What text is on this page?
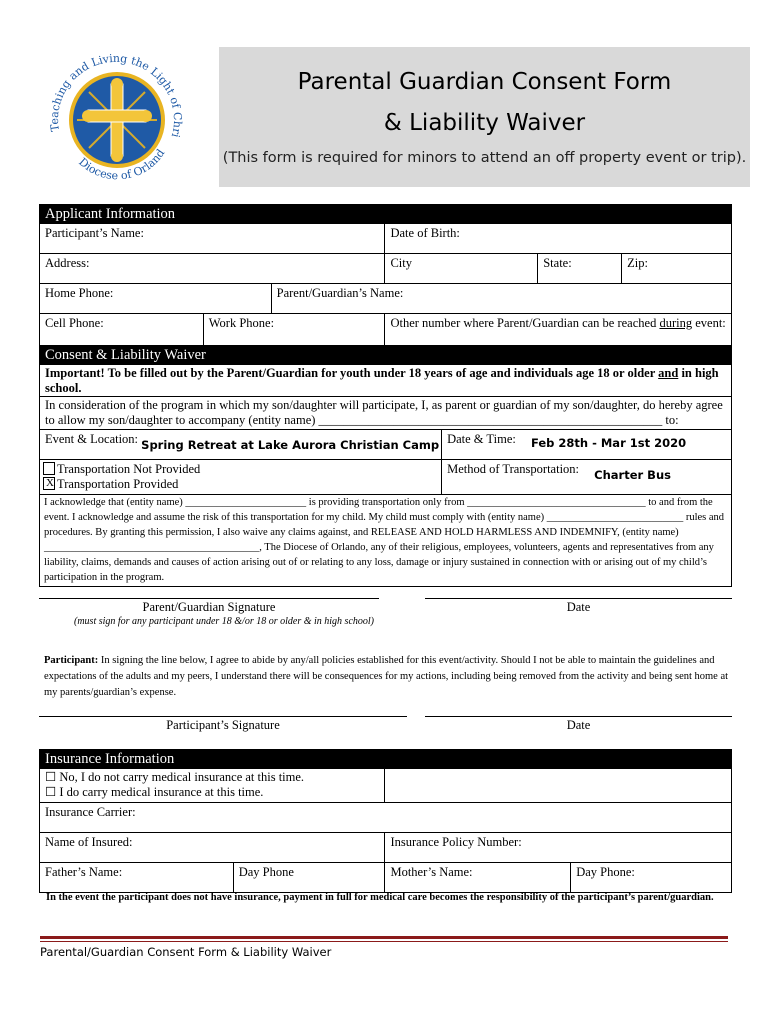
Teaching and Living the Light of Chri
Diocese of Orland
Parental Guardian Consent Form
& Liability Waiver
(This form is required for minors to attend an off property event or trip).
Applicant Information					
Participant’s Name:			Date of Birth:		
Address:			City	State:	Zip:
Home Phone:		Parent/Guardian’s Name:			
Cell Phone:	Work Phone:		Other number where Parent/Guardian can be reached during event:		
Consent & Liability Waiver	
Important! To be filled out by the Parent/Guardian for youth under 18 years of age and individuals age 18 or older and in high school.	
In consideration of the program in which my son/daughter will participate, I, as parent or guardian of my son/daughter, do hereby agree to allow my son/daughter to accompany (entity name) _______________________________________________________ to:	
Event & Location: Spring Retreat at Lake Aurora Christian Camp	Date & Time: Feb 28th - Mar 1st 2020

Transportation Not Provided
X Transportation Provided	Method of Transportation: Charter Bus
I acknowledge that (entity name) _______________________ is providing transportation only from __________________________________ to and from the event. I acknowledge and assume the risk of this transportation for my child. My child must comply with (entity name) __________________________ rules and procedures. By granting this permission, I also waive any claims against, and RELEASE AND HOLD HARMLESS AND INDEMNIFY, (entity name) _________________________________________, The Diocese of Orlando, any of their religious, employees, volunteers, agents and representatives from any liability, claims, demands and causes of action arising out of or relating to any loss, damage or injury sustained in connection with or arising out of my child’s participation in the program.	
Parent/Guardian Signature	Date
(must sign for any participant under 18 &/or 18 or older & in high school)
Participant: In signing the line below, I agree to abide by any/all policies established for this event/activity. Should I not be able to maintain the guidelines and expectations of the adults and my peers, I understand there will be consequences for my actions, including being removed from the activity and being sent home at my parents/guardian’s expense.
Participant’s Signature	Date
Insurance Information			

☐ No, I do not carry medical insurance at this time.
☐ I do carry medical insurance at this time.			

Insurance Carrier:			
Name of Insured:		Insurance Policy Number:	
Father’s Name:	Day Phone	Mother’s Name:	Day Phone:
In the event the participant does not have insurance, payment in full for medical care becomes the responsibility of the participant’s parent/guardian.
Parental/Guardian Consent Form & Liability Waiver
